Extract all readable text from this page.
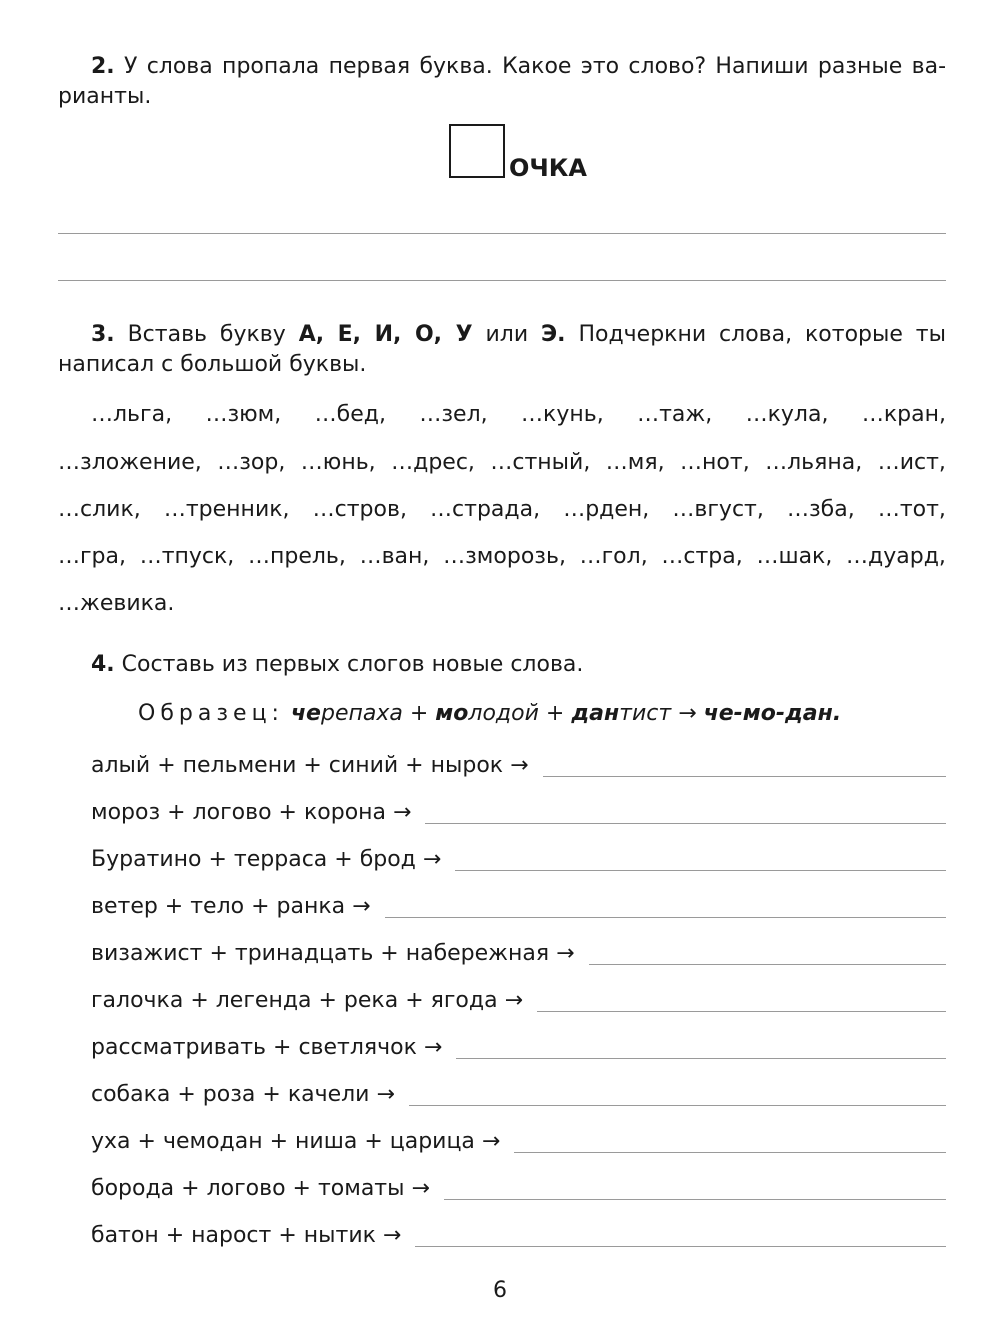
2. У слова пропала первая буква. Какое это слово? Напиши разные варианты.
ОЧКА
3. Вставь букву А, Е, И, О, У или Э. Подчеркни слова, которые ты написал с большой буквы.
…льга, …зюм, …бед, …зел, …кунь, …таж, …кула, …кран,
…зложение, …зор, …юнь, …дрес, …стный, …мя, …нот, …льяна, …ист,
…слик, …тренник, …стров, …страда, …рден, …вгуст, …зба, …тот,
…гра, …тпуск, …прель, …ван, …зморозь, …гол, …стра, …шак, …дуард,
…жевика.
4. Составь из первых слогов новые слова.
Образец: черепаха + молодой + дантист → че-мо-дан.
алый + пельмени + синий + нырок →
мороз + логово + корона →
Буратино + терраса + брод →
ветер + тело + ранка →
визажист + тринадцать + набережная →
галочка + легенда + река + ягода →
рассматривать + светлячок →
собака + роза + качели →
уха + чемодан + ниша + царица →
борода + логово + томаты →
батон + нарост + нытик →
6
